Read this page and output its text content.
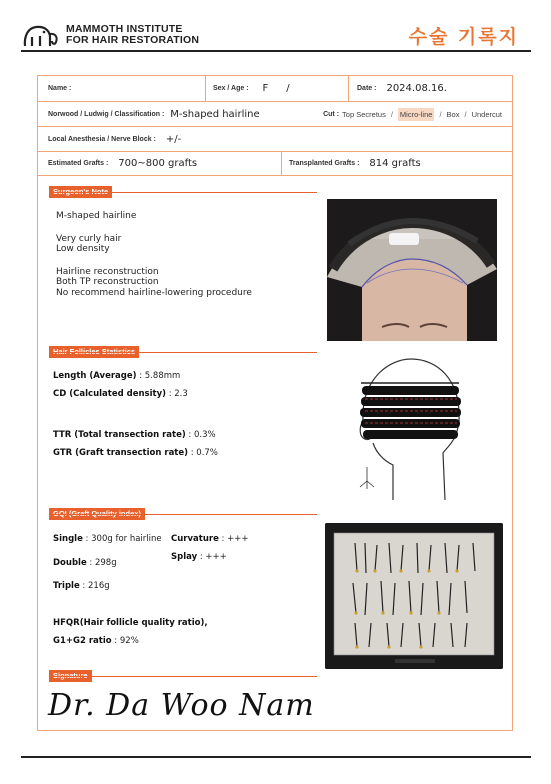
MAMMOTH INSTITUTE
FOR HAIR RESTORATION	수술 기록지
Name :	Sex / Age : F /	Date : 2024.08.16.
Norwood / Ludwig / Classification : M-shaped hairline	Cut : Top Secretus / Micro-line / Box / Undercut
Local Anesthesia / Nerve Block : +/-
Estimated Grafts : 700~800 grafts	Transplanted Grafts : 814 grafts
M-shaped hairline
Very curly hair
Low density
Hairline reconstruction
Both TP reconstruction
No recommend hairline-lowering procedure
Length (Average) : 5.88mm
CD (Calculated density) : 2.3
TTR (Total transection rate) : 0.3%
GTR (Graft transection rate) : 0.7%
Single : 300g for hairline Curvature : +++
Splay : +++
Double : 298g
Triple : 216g
HFQR(Hair follicle quality ratio),
G1+G2 ratio : 92%
Dr. Da Woo Nam
